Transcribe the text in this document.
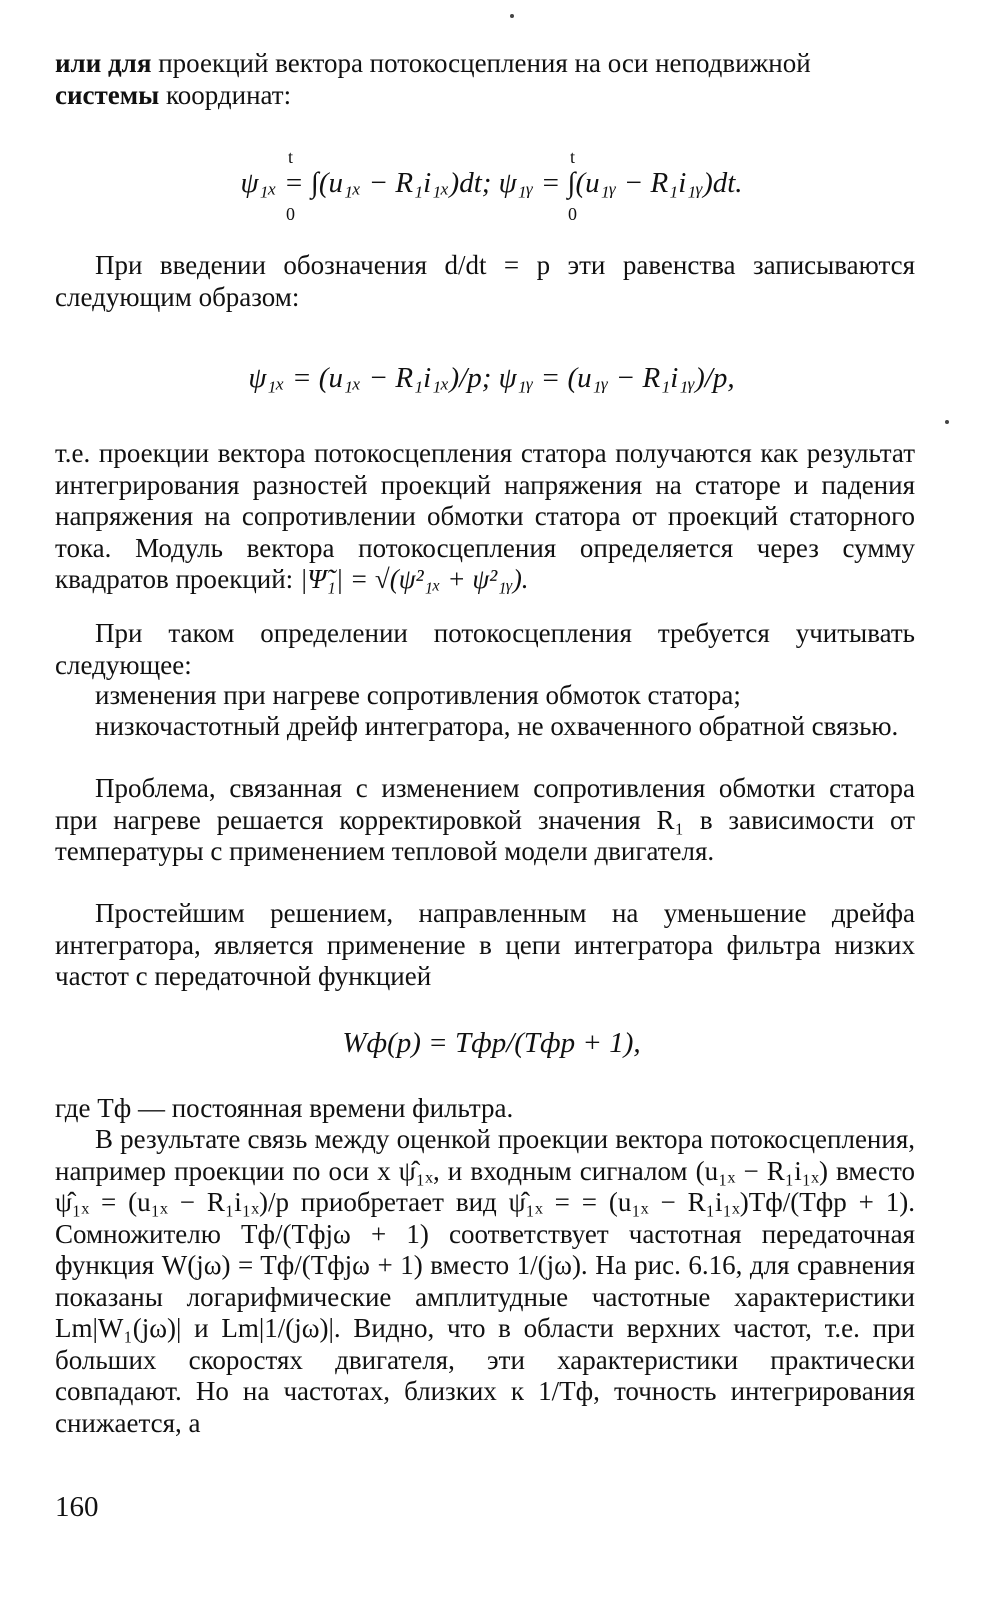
или для проекций вектора потокосцепления на оси неподвижной
системы координат:

ψ₁ₓ = ∫(u₁ₓ − R₁i₁ₓ)dt; ψ₁ᵧ = ∫(u₁ᵧ − R₁i₁ᵧ)dt.
t
0
t
0

При введении обозначения d/dt = p эти равенства записываются следующим образом:

ψ₁ₓ = (u₁ₓ − R₁i₁ₓ)/p; ψ₁ᵧ = (u₁ᵧ − R₁i₁ᵧ)/p,

т.е. проекции вектора потокосцепления статора получаются как результат интегрирования разностей проекций напряжения на статоре и падения напряжения на сопротивлении обмотки статора от проекций статорного тока. Модуль вектора потокосцепления определяется через сумму квадратов проекций: |Ψ̃₁| = √(ψ²₁ₓ + ψ²₁ᵧ).

При таком определении потокосцепления требуется учитывать следующее:

изменения при нагреве сопротивления обмоток статора;

низкочастотный дрейф интегратора, не охваченного обратной связью.

Проблема, связанная с изменением сопротивления обмотки статора при нагреве решается корректировкой значения R₁ в зависимости от температуры с применением тепловой модели двигателя.

Простейшим решением, направленным на уменьшение дрейфа интегратора, является применение в цепи интегратора фильтра низких частот с передаточной функцией

Wф(p) = Tфp/(Tфp + 1),

где Tф — постоянная времени фильтра.

В результате связь между оценкой проекции вектора потокосцепления, например проекции по оси x ψ̂₁ₓ, и входным сигналом (u₁ₓ − R₁i₁ₓ) вместо ψ̂₁ₓ = (u₁ₓ − R₁i₁ₓ)/p приобретает вид ψ̂₁ₓ = = (u₁ₓ − R₁i₁ₓ)Tф/(Tфp + 1). Сомножителю Tф/(Tфjω + 1) соответствует частотная передаточная функция W(jω) = Tф/(Tфjω + 1) вместо 1/(jω). На рис. 6.16, для сравнения показаны логарифмические амплитудные частотные характеристики Lm|W₁(jω)| и Lm|1/(jω)|. Видно, что в области верхних частот, т.е. при больших скоростях двигателя, эти характеристики практически совпадают. Но на частотах, близких к 1/Tф, точность интегрирования снижается, а

160
